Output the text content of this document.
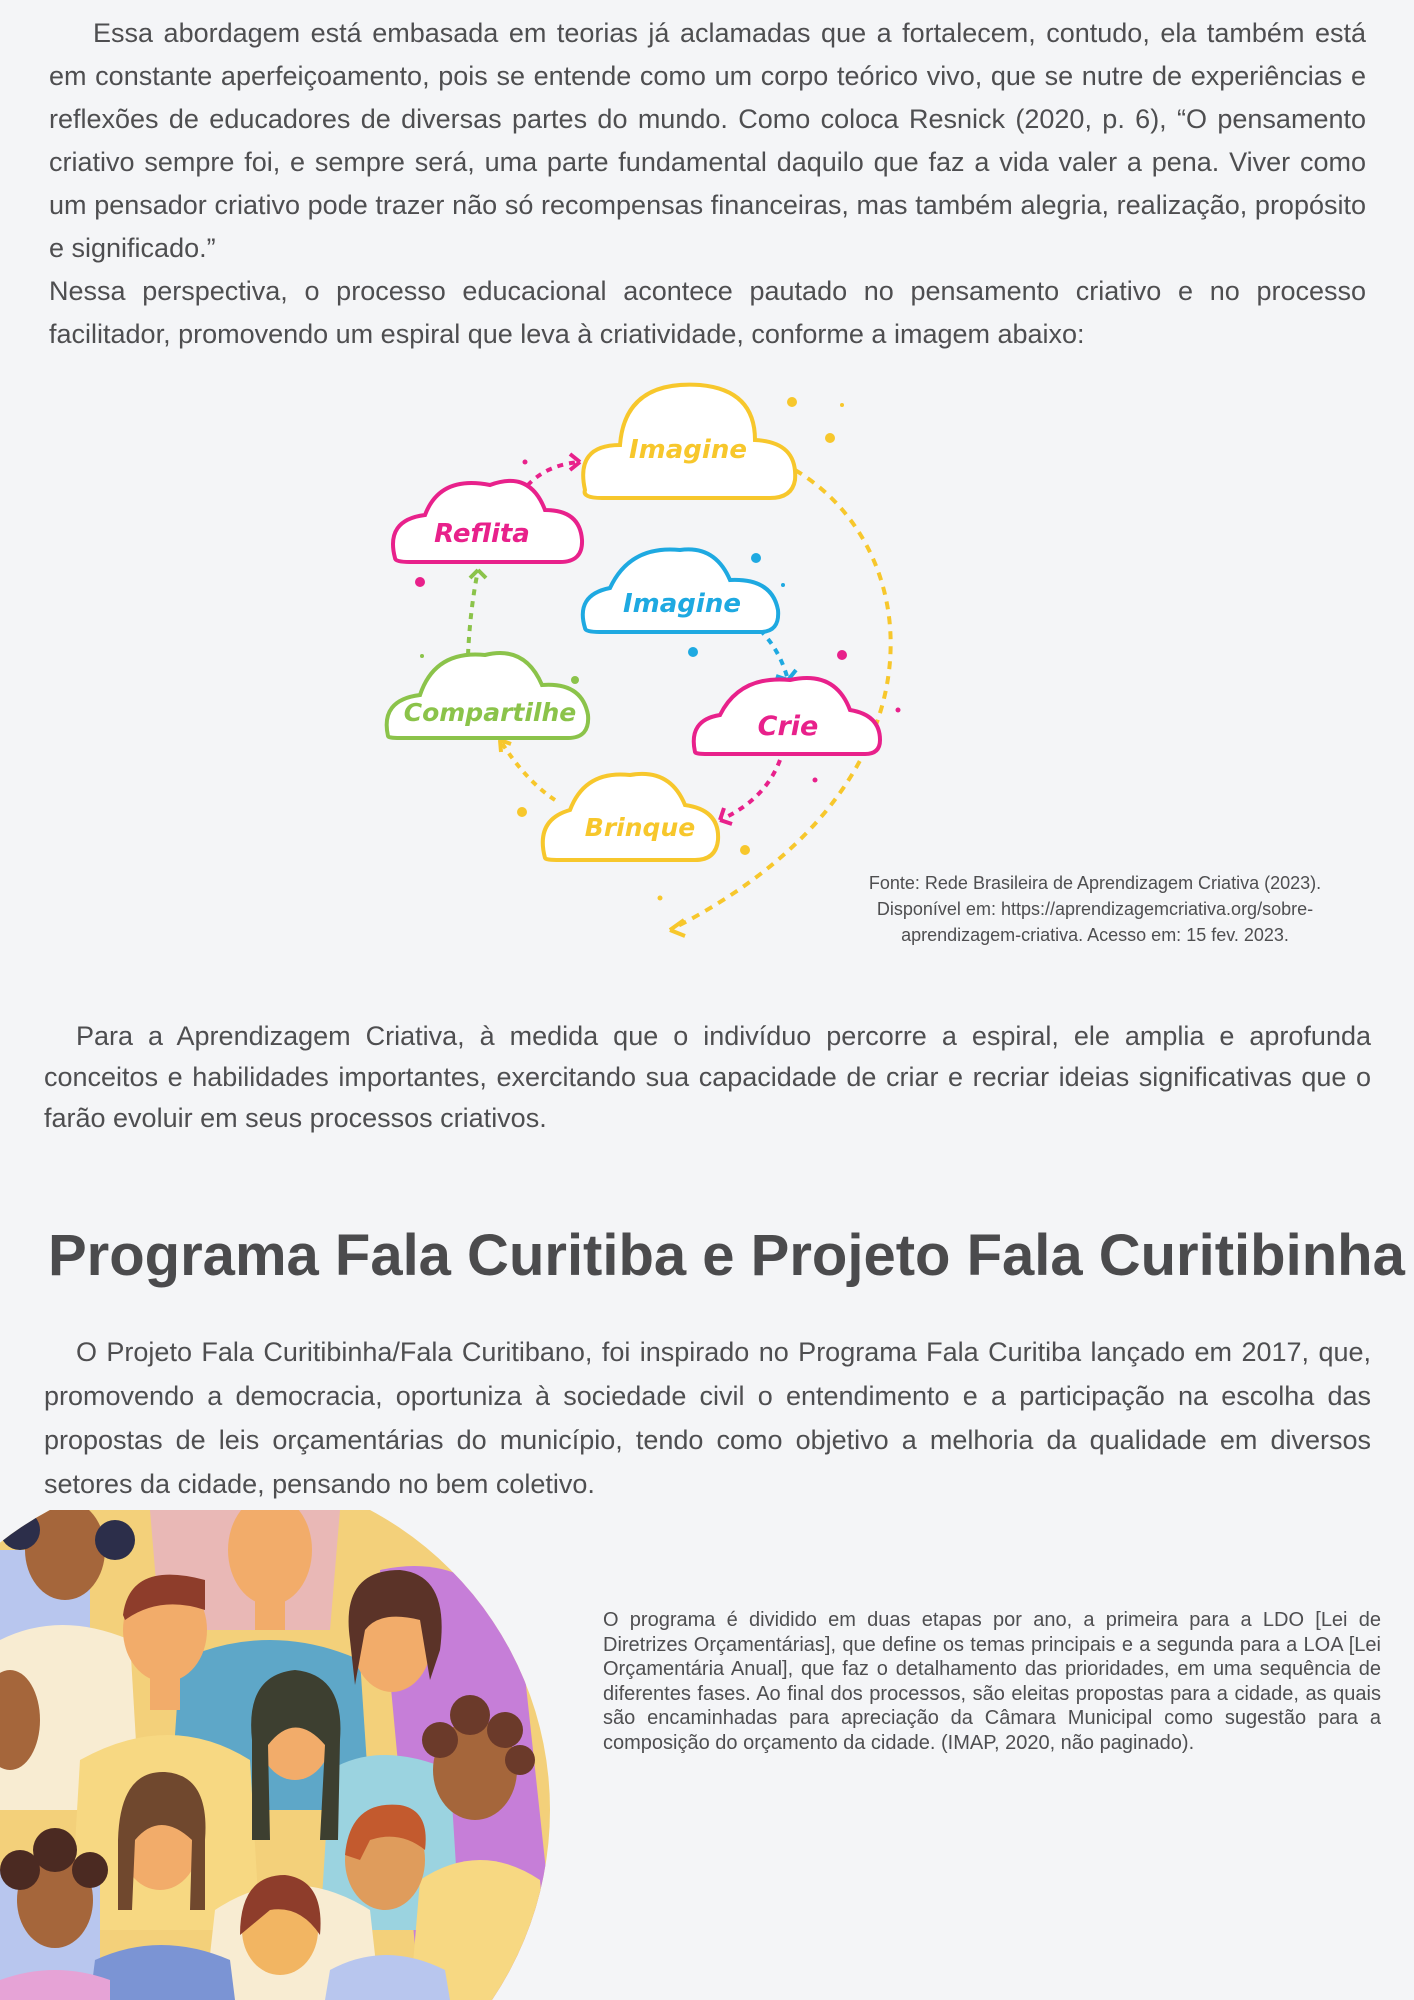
Essa abordagem está embasada em teorias já aclamadas que a fortalecem, contudo, ela também está em constante aperfeiçoamento, pois se entende como um corpo teórico vivo, que se nutre de experiências e reflexões de educadores de diversas partes do mundo. Como coloca Resnick (2020, p. 6), “O pensamento criativo sempre foi, e sempre será, uma parte fundamental daquilo que faz a vida valer a pena. Viver como um pensador criativo pode trazer não só recompensas financeiras, mas também alegria, realização, propósito e significado.”

Nessa perspectiva, o processo educacional acontece pautado no pensamento criativo e no processo facilitador, promovendo um espiral que leva à criatividade, conforme a imagem abaixo:

Imagine
Reflita
Imagine
Compartilhe	Crie
Brinque

Fonte: Rede Brasileira de Aprendizagem Criativa (2023). Disponível em: https://aprendizagemcriativa.org/sobre-aprendizagem-criativa. Acesso em: 15 fev. 2023.

Para a Aprendizagem Criativa, à medida que o indivíduo percorre a espiral, ele amplia e aprofunda conceitos e habilidades importantes, exercitando sua capacidade de criar e recriar ideias significativas que o farão evoluir em seus processos criativos.

Programa Fala Curitiba e Projeto Fala Curitibinha

O Projeto Fala Curitibinha/Fala Curitibano, foi inspirado no Programa Fala Curitiba lançado em 2017, que, promovendo a democracia, oportuniza à sociedade civil o entendimento e a participação na escolha das propostas de leis orçamentárias do município, tendo como objetivo a melhoria da qualidade em diversos setores da cidade, pensando no bem coletivo.

O programa é dividido em duas etapas por ano, a primeira para a LDO [Lei de Diretrizes Orçamentárias], que define os temas principais e a segunda para a LOA [Lei Orçamentária Anual], que faz o detalhamento das prioridades, em uma sequência de diferentes fases. Ao final dos processos, são eleitas propostas para a cidade, as quais são encaminhadas para apreciação da Câmara Municipal como sugestão para a composição do orçamento da cidade. (IMAP, 2020, não paginado).
